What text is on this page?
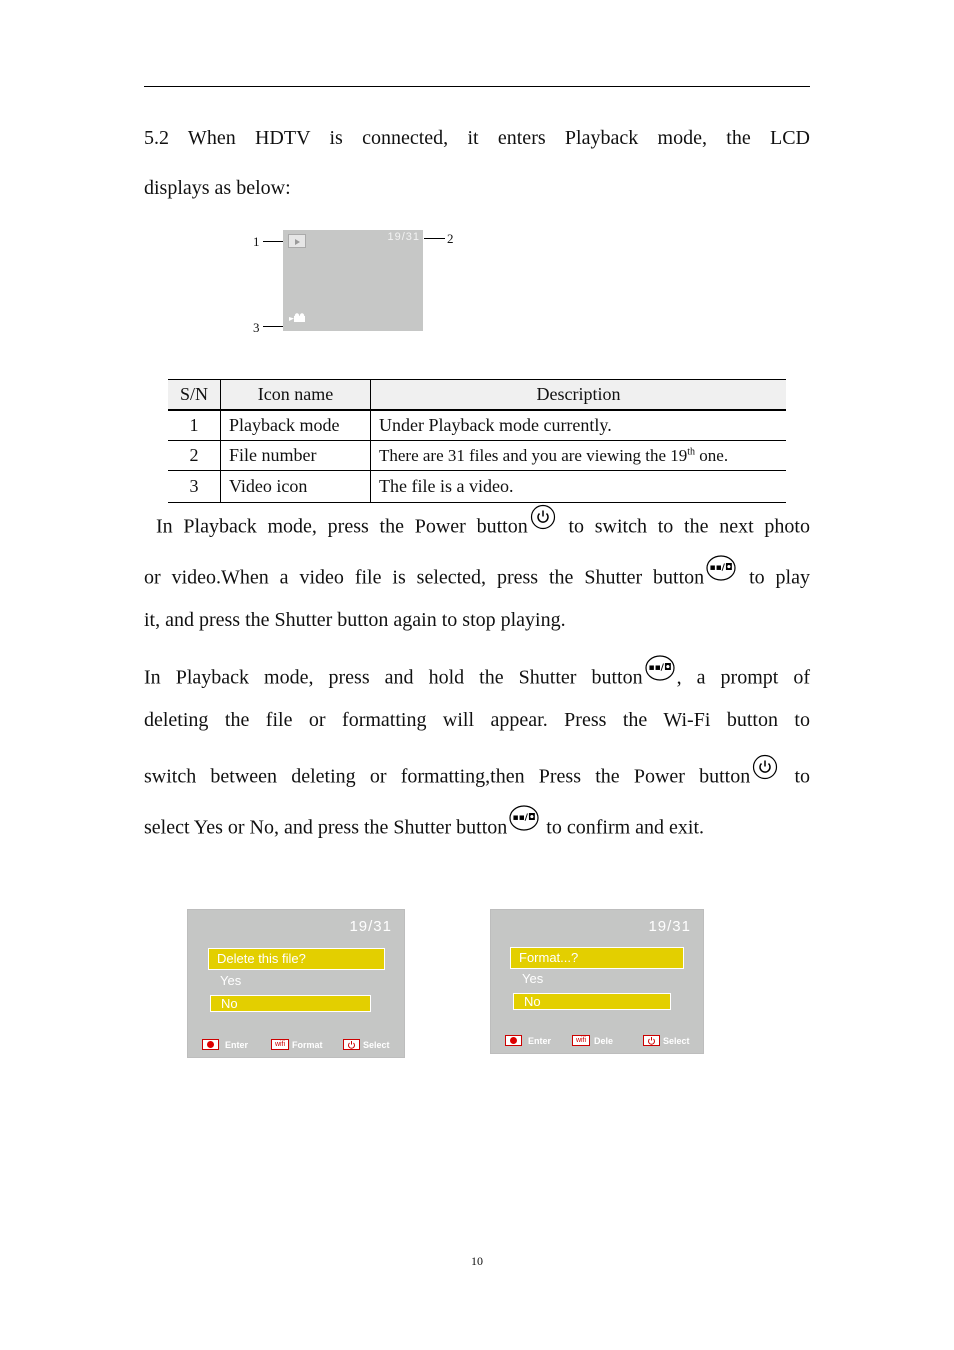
5.2 When HDTV is connected, it enters Playback mode, the LCD
displays as below:
1	2
3
19/31
S/N	Icon name	Description
1	Playback mode	Under Playback mode currently.
2	File number	There are 31 files and you are viewing the 19th one.
3	Video icon	The file is a video.
In Playback mode, press the Power button to switch to the next photo
or video.When a video file is selected, press the Shutter button ▪▪/◘ to play
it, and press the Shutter button again to stop playing.
In Playback mode, press and hold the Shutter button ▪▪/◘ , a prompt of
deleting the file or formatting will appear. Press the Wi-Fi button to
switch between deleting or formatting,then Press the Power button to
select Yes or No, and press the Shutter button ▪▪/◘ to confirm and exit.
19/31
Delete this file?
Yes
No
Enter	wifi Format	Select
19/31
Format...?
Yes
No
Enter	wifi Dele	Select
10
